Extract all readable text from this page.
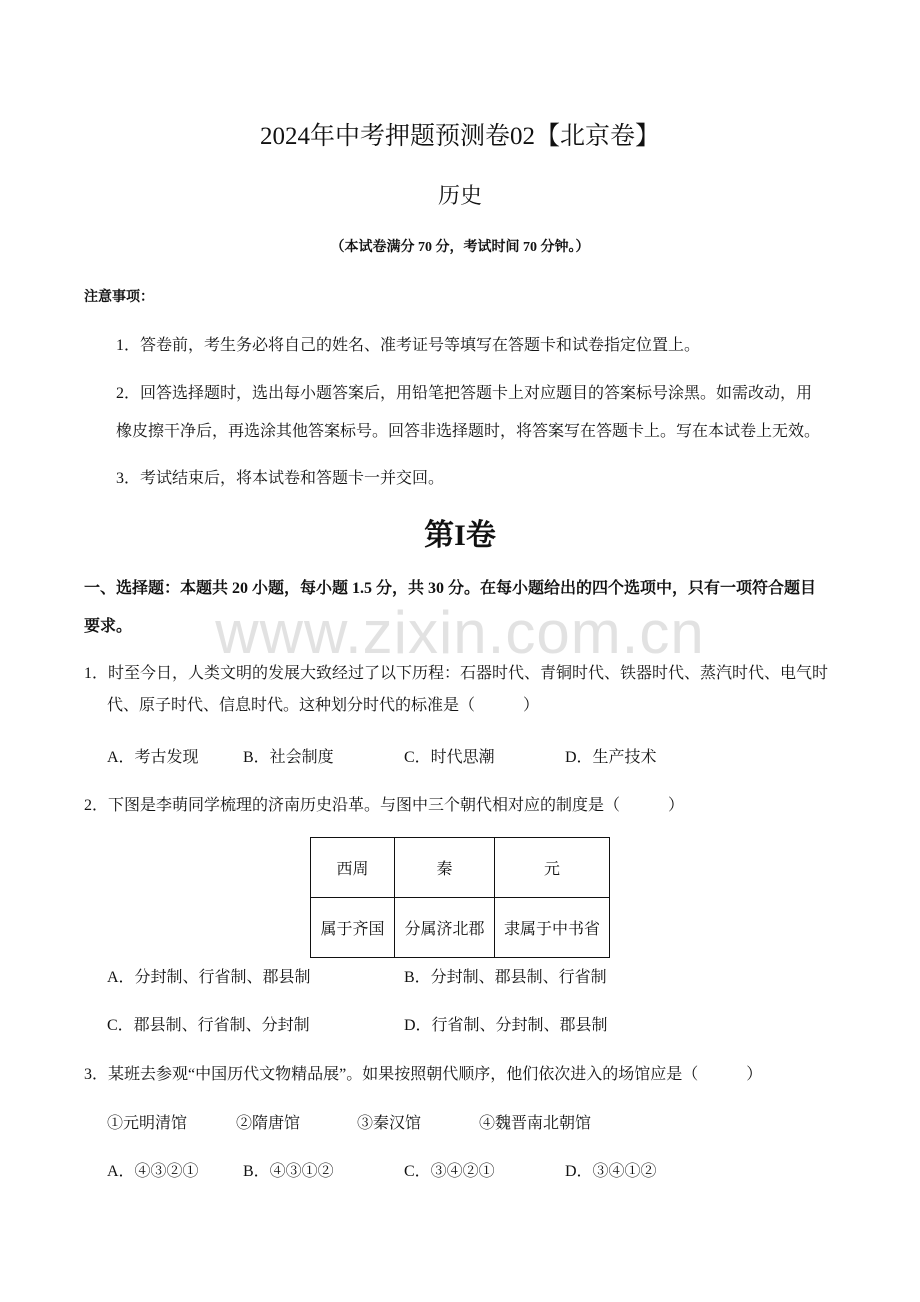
www.zixin.com.cn
2024年中考押题预测卷02【北京卷】
历史
（本试卷满分 70 分，考试时间 70 分钟。）
注意事项：
1．答卷前，考生务必将自己的姓名、准考证号等填写在答题卡和试卷指定位置上。
2．回答选择题时，选出每小题答案后，用铅笔把答题卡上对应题目的答案标号涂黑。如需改动，用
橡皮擦干净后，再选涂其他答案标号。回答非选择题时，将答案写在答题卡上。写在本试卷上无效。
3．考试结束后，将本试卷和答题卡一并交回。
第I卷
一、选择题：本题共 20 小题，每小题 1.5 分，共 30 分。在每小题给出的四个选项中，只有一项符合题目
要求。
1．时至今日，人类文明的发展大致经过了以下历程：石器时代、青铜时代、铁器时代、蒸汽时代、电气时
代、原子时代、信息时代。这种划分时代的标准是（　　　）
A．考古发现	B．社会制度	C．时代思潮	D．生产技术
2．下图是李萌同学梳理的济南历史沿革。与图中三个朝代相对应的制度是（　　　）
西周	秦	元
属于齐国	分属济北郡	隶属于中书省
A．分封制、行省制、郡县制	B．分封制、郡县制、行省制
C．郡县制、行省制、分封制	D．行省制、分封制、郡县制
3．某班去参观“中国历代文物精品展”。如果按照朝代顺序，他们依次进入的场馆应是（　　　）
①元明清馆	②隋唐馆	③秦汉馆	④魏晋南北朝馆
A．④③②①	B．④③①②	C．③④②①	D．③④①②
